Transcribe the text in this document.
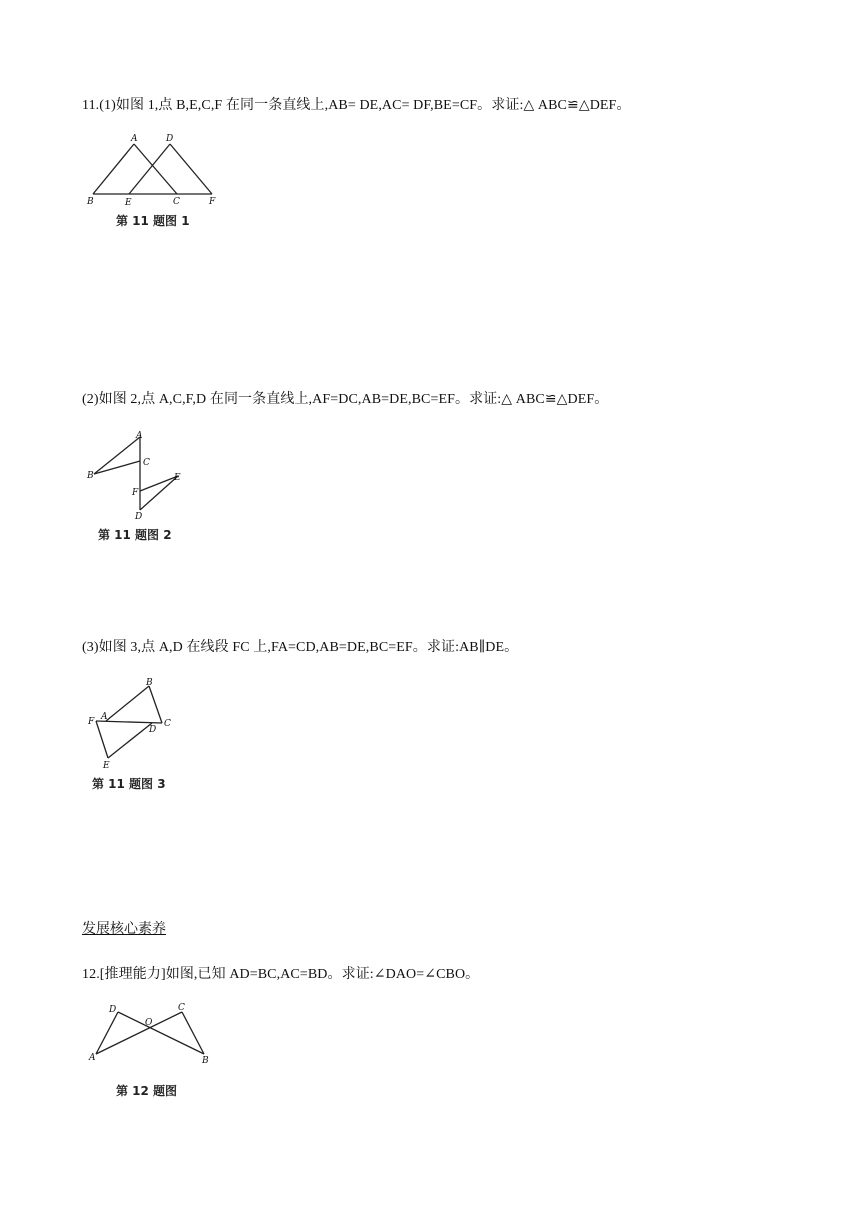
11.(1)如图 1,点 B,E,C,F 在同一条直线上,AB= DE,AC= DF,BE=CF。求证:△ ABC≌△DEF。
A	D
B	E	C	F
第 11 题图 1
(2)如图 2,点 A,C,F,D 在同一条直线上,AF=DC,AB=DE,BC=EF。求证:△ ABC≌△DEF。
A
B
C
F
E
D
第 11 题图 2
(3)如图 3,点 A,D 在线段 FC 上,FA=CD,AB=DE,BC=EF。求证:AB∥DE。
B
F A
C
D
E
第 11 题图 3
发展核心素养
12.[推理能力]如图,已知 AD=BC,AC=BD。求证:∠DAO=∠CBO。
D
O
C
A	B
第 12 题图
